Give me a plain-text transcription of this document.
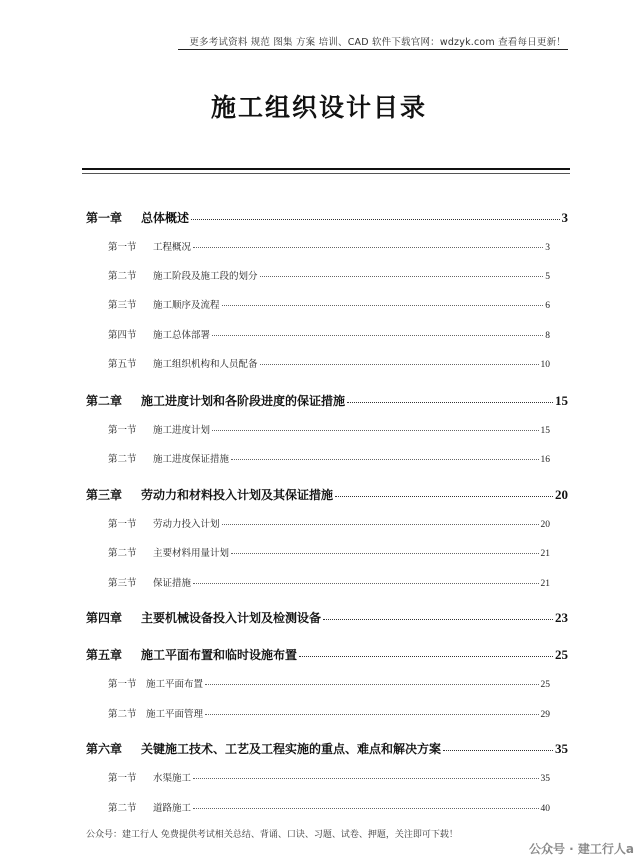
更多考试资料 规范 图集 方案 培训、CAD 软件下载官网：wdzyk.com 查看每日更新！
施工组织设计目录
第一章	总体概述	3
第一节	工程概况	3
第二节	施工阶段及施工段的划分	5
第三节	施工顺序及流程	6
第四节	施工总体部署	8
第五节	施工组织机构和人员配备	10
第二章	施工进度计划和各阶段进度的保证措施	15
第一节	施工进度计划	15
第二节	施工进度保证措施	16
第三章	劳动力和材料投入计划及其保证措施	20
第一节	劳动力投入计划	20
第二节	主要材料用量计划	21
第三节	保证措施	21
第四章	主要机械设备投入计划及检测设备	23
第五章	施工平面布置和临时设施布置	25
第一节 施工平面布置	25
第二节 施工平面管理	29
第六章	关键施工技术、工艺及工程实施的重点、难点和解决方案	35
第一节	水渠施工	35
第二节	道路施工	40
公众号：建工行人 免费提供考试相关总结、背诵、口诀、习题、试卷、押题，关注即可下载！
公众号 · 建工行人a
